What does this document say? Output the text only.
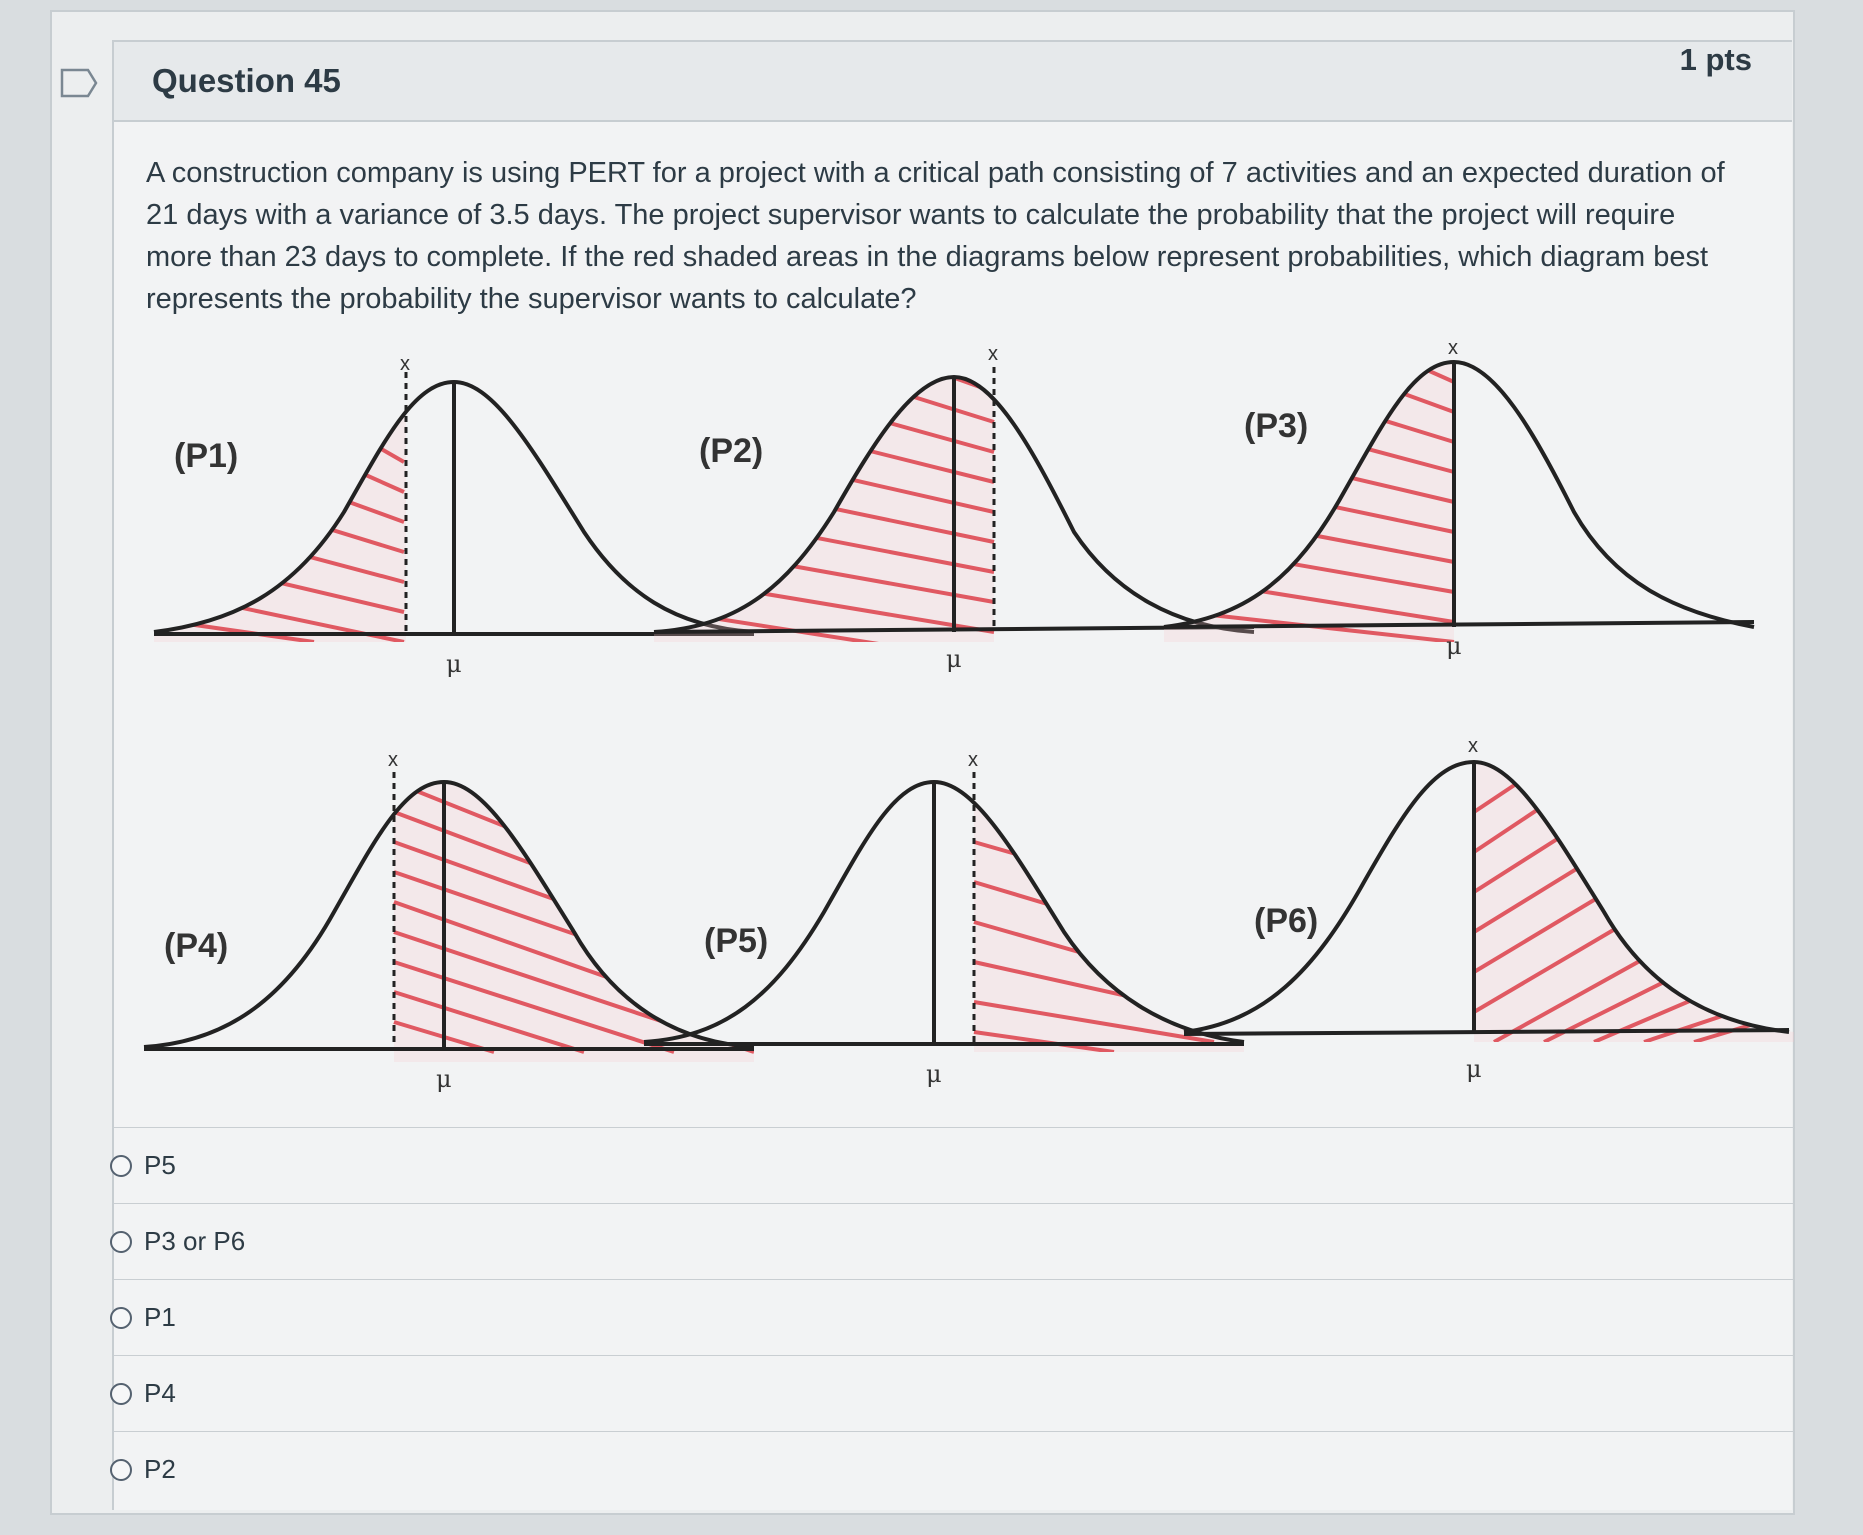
Question 45
1 pts
A construction company is using PERT for a project with a critical path consisting of 7 activities and an expected duration of 21 days with a variance of 3.5 days. The project supervisor wants to calculate the probability that the project will require more than 23 days to complete. If the red shaded areas in the diagrams below represent probabilities, which diagram best represents the probability the supervisor wants to calculate?
x
μ
(P1)
x
μ
(P2)
x
μ
(P3)
x
μ
(P4)
x
μ
(P5)
x
μ
(P6)
P5
P3 or P6
P1
P4
P2
